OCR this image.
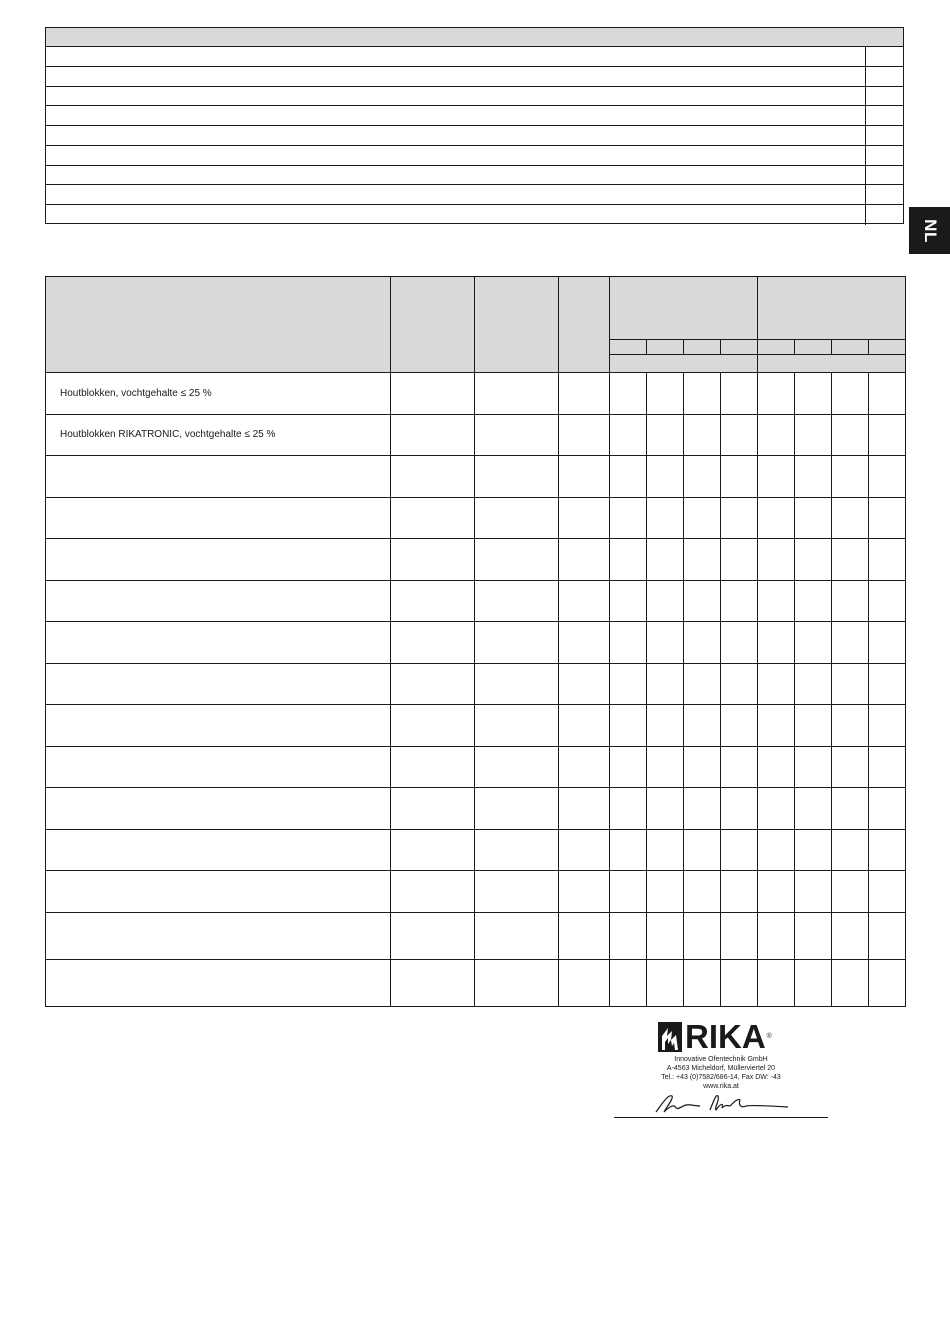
NL

Houtblokken, vochtgehalte ≤ 25 %											
Houtblokken RIKATRONIC, vochtgehalte ≤ 25 %											

RIKA®
Innovative Ofentechnik GmbH
A-4563 Micheldorf, Müllerviertel 20
Tel.: +43 (0)7582/686-14, Fax DW: -43
www.rika.at
